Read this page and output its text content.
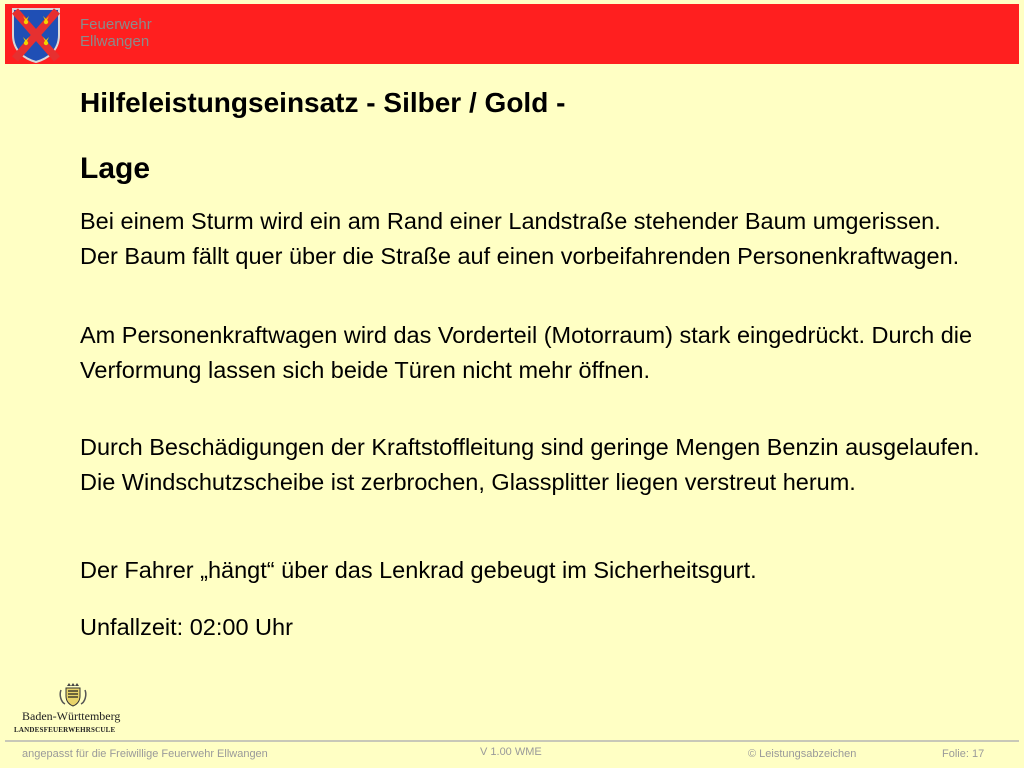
Feuerwehr
Ellwangen
Hilfeleistungseinsatz - Silber / Gold -
Lage

Bei einem Sturm wird ein am Rand einer Landstraße stehender Baum umgerissen. Der Baum fällt quer über die Straße auf einen vorbeifahrenden Personenkraftwagen.

Am Personenkraftwagen wird das Vorderteil (Motorraum) stark eingedrückt. Durch die Verformung lassen sich beide Türen nicht mehr öffnen.

Durch Beschädigungen der Kraftstoffleitung sind geringe Mengen Benzin ausgelaufen. Die Windschutzscheibe ist zerbrochen, Glassplitter liegen verstreut herum.

Der Fahrer „hängt“ über das Lenkrad gebeugt im Sicherheitsgurt.

Unfallzeit: 02:00 Uhr

Baden-Württemberg
LANDESFEUERWEHRSCULE
angepasst für die Freiwillige Feuerwehr Ellwangen	V 1.00 WME	© Leistungsabzeichen	Folie: 17
